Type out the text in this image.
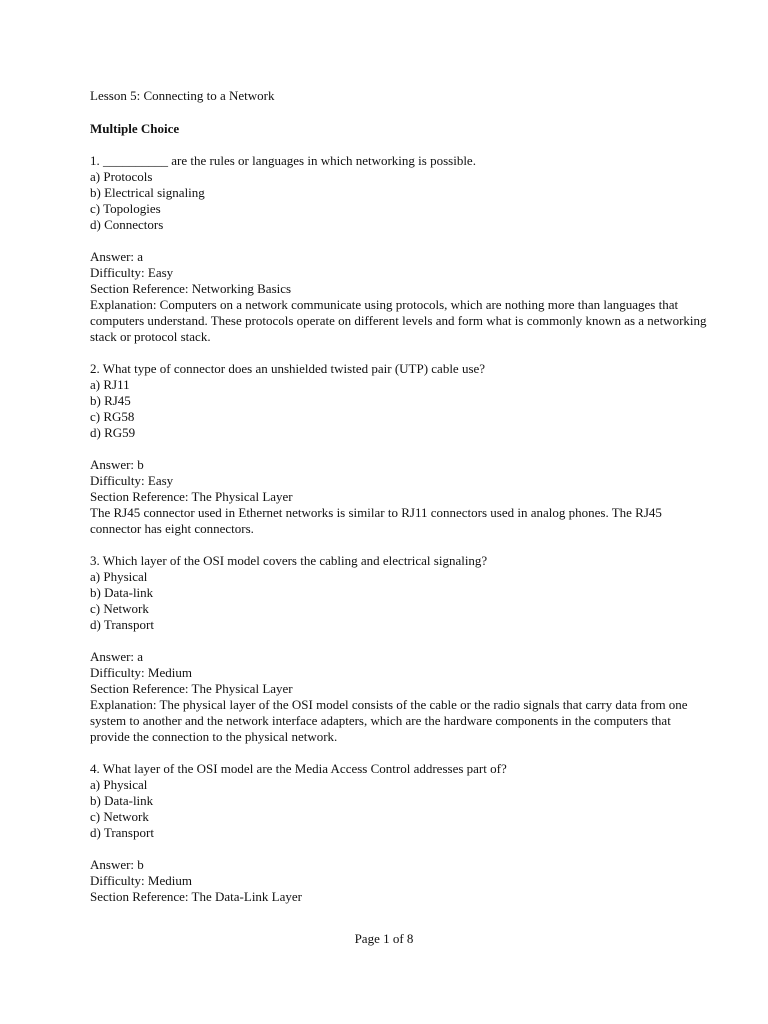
Lesson 5: Connecting to a Network

Multiple Choice

1. __________ are the rules or languages in which networking is possible.

a) Protocols

b) Electrical signaling

c) Topologies

d) Connectors

Answer: a

Difficulty: Easy

Section Reference: Networking Basics

Explanation: Computers on a network communicate using protocols, which are nothing more than languages that computers understand. These protocols operate on different levels and form what is commonly known as a networking stack or protocol stack.

2. What type of connector does an unshielded twisted pair (UTP) cable use?

a) RJ11

b) RJ45

c) RG58

d) RG59

Answer: b

Difficulty: Easy

Section Reference: The Physical Layer

The RJ45 connector used in Ethernet networks is similar to RJ11 connectors used in analog phones. The RJ45 connector has eight connectors.

3. Which layer of the OSI model covers the cabling and electrical signaling?

a) Physical

b) Data-link

c) Network

d) Transport

Answer: a

Difficulty: Medium

Section Reference: The Physical Layer

Explanation: The physical layer of the OSI model consists of the cable or the radio signals that carry data from one system to another and the network interface adapters, which are the hardware components in the computers that provide the connection to the physical network.

4. What layer of the OSI model are the Media Access Control addresses part of?

a) Physical

b) Data-link

c) Network

d) Transport

Answer: b

Difficulty: Medium

Section Reference: The Data-Link Layer

Page 1 of 8
